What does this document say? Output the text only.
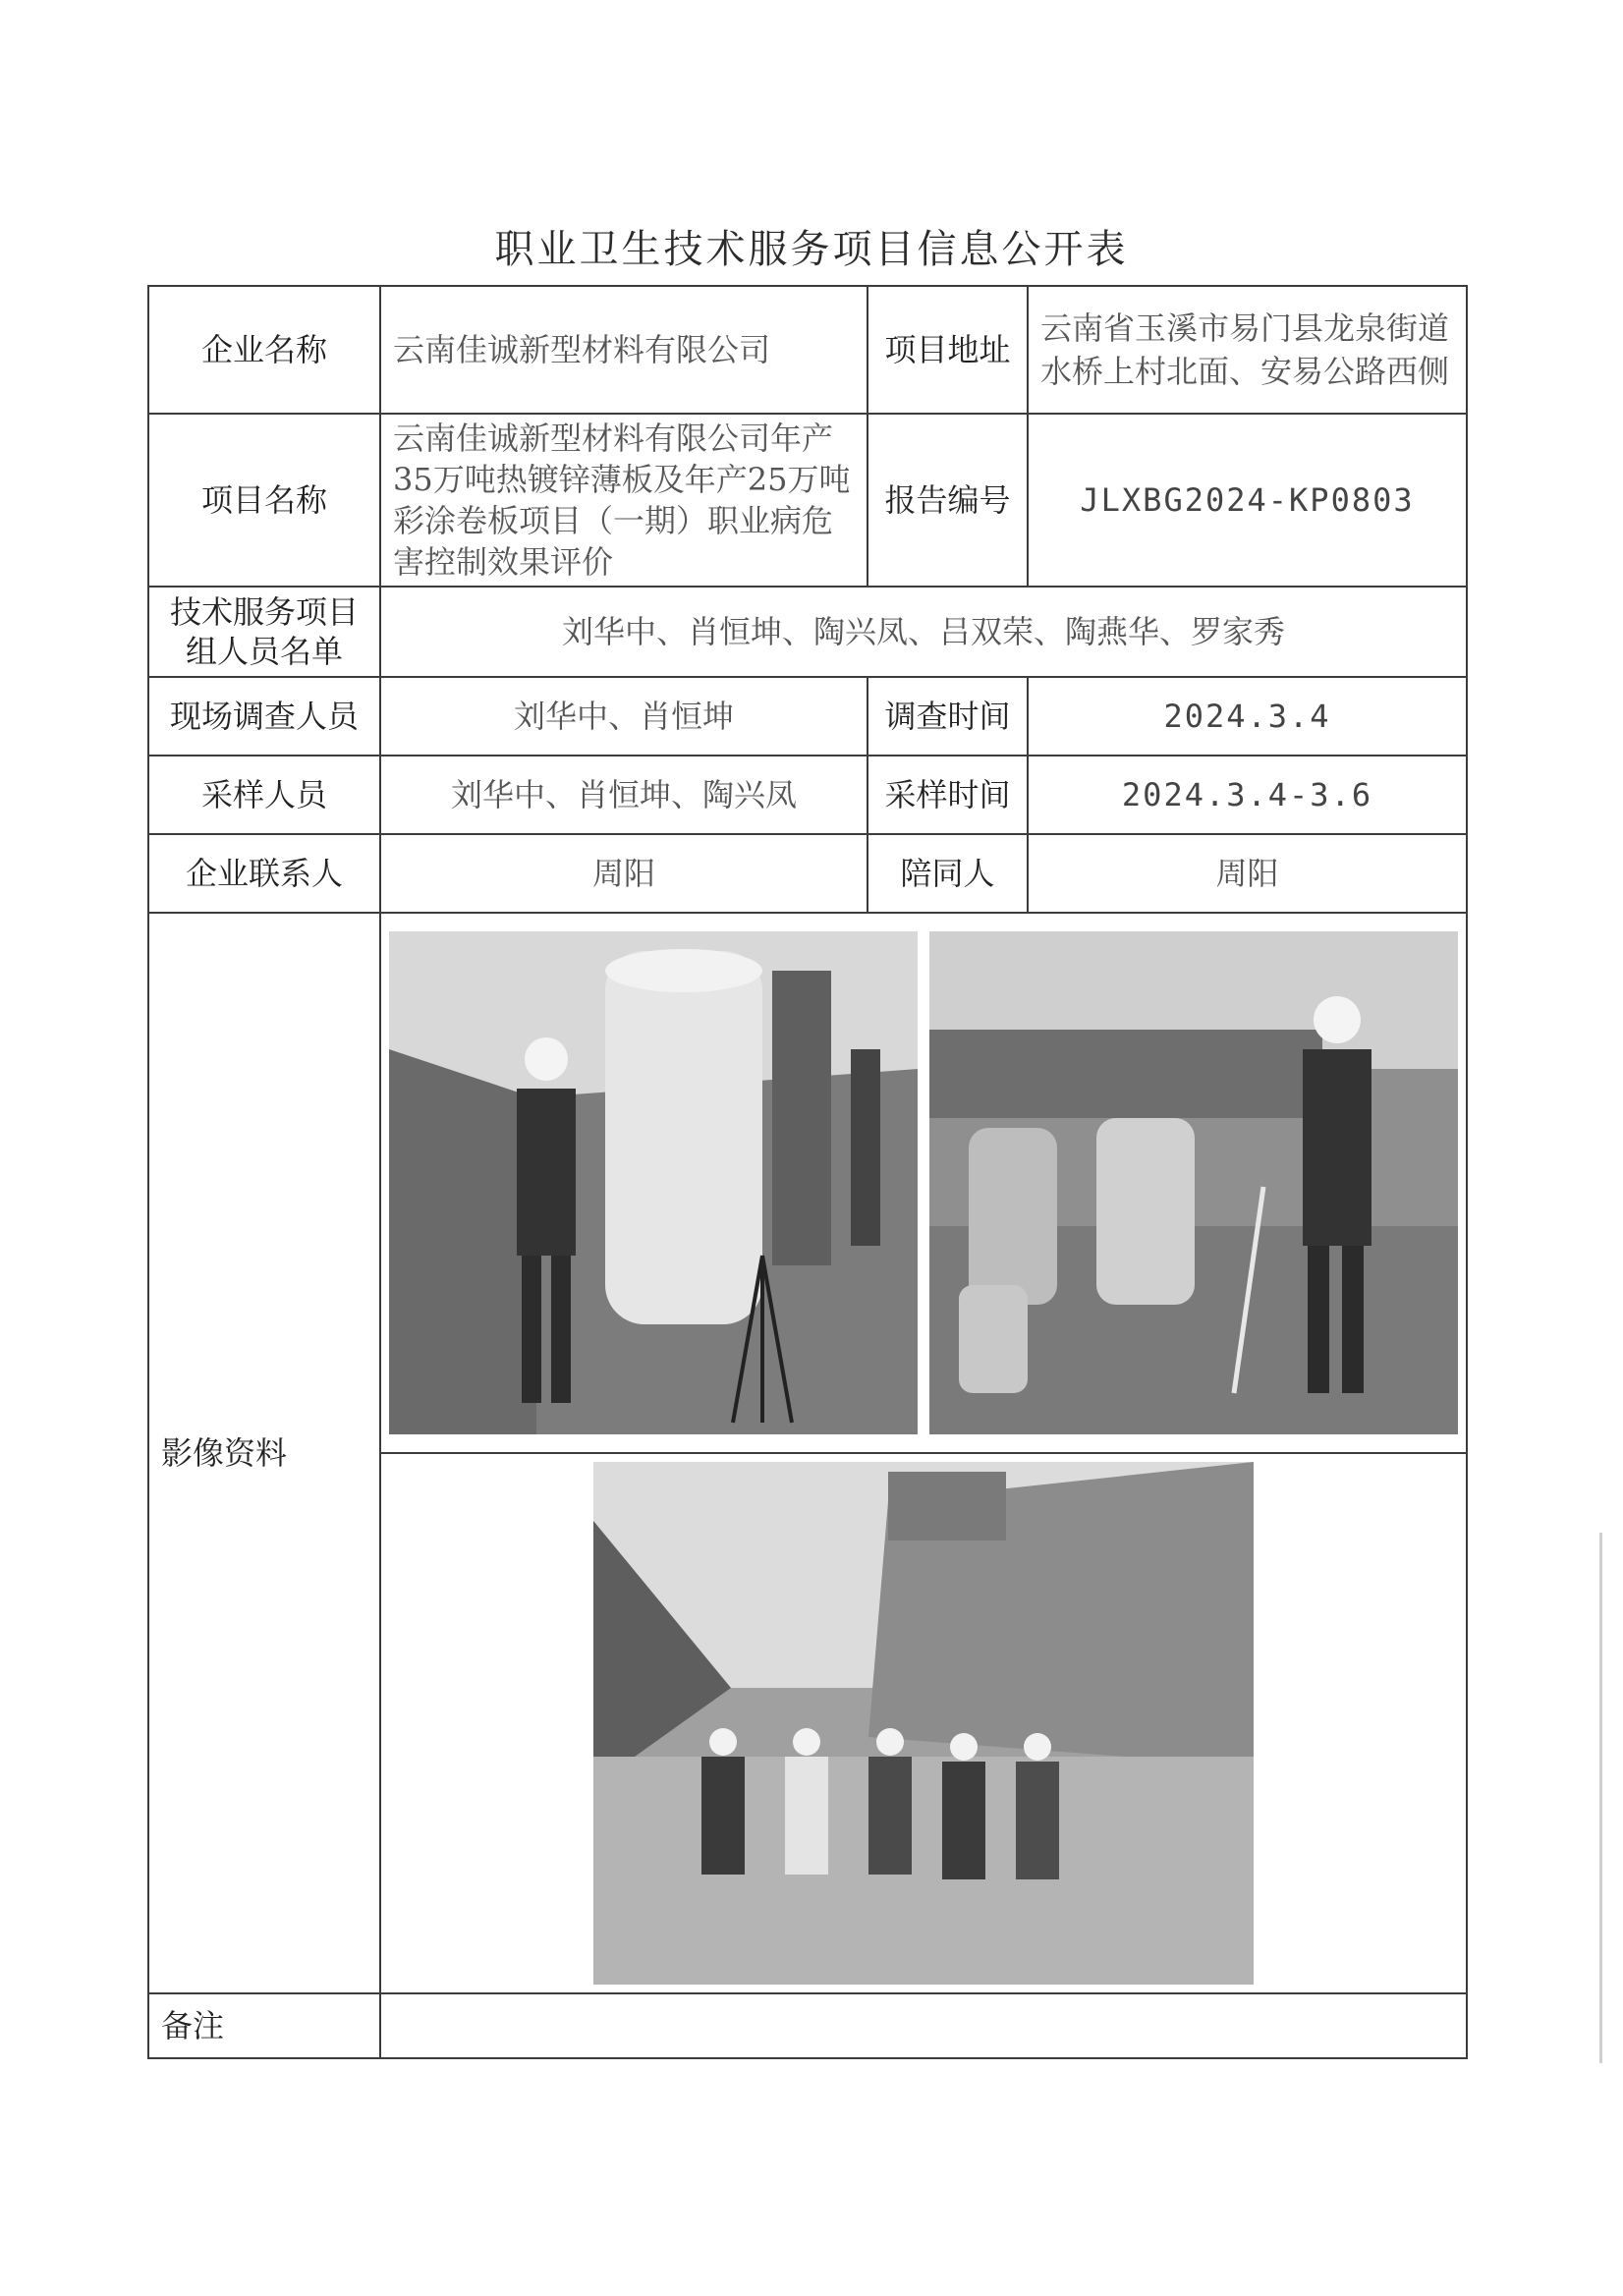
职业卫生技术服务项目信息公开表
企业名称	云南佳诚新型材料有限公司	项目地址	云南省玉溪市易门县龙泉街道水桥上村北面、安易公路西侧
项目名称	云南佳诚新型材料有限公司年产35万吨热镀锌薄板及年产25万吨彩涂卷板项目（一期）职业病危害控制效果评价	报告编号	JLXBG2024-KP0803
技术服务项目组人员名单	刘华中、肖恒坤、陶兴凤、吕双荣、陶燕华、罗家秀		
现场调查人员	刘华中、肖恒坤	调查时间	2024.3.4
采样人员	刘华中、肖恒坤、陶兴凤	采样时间	2024.3.4-3.6
企业联系人	周阳	陪同人	周阳
影像资料	

备注			
